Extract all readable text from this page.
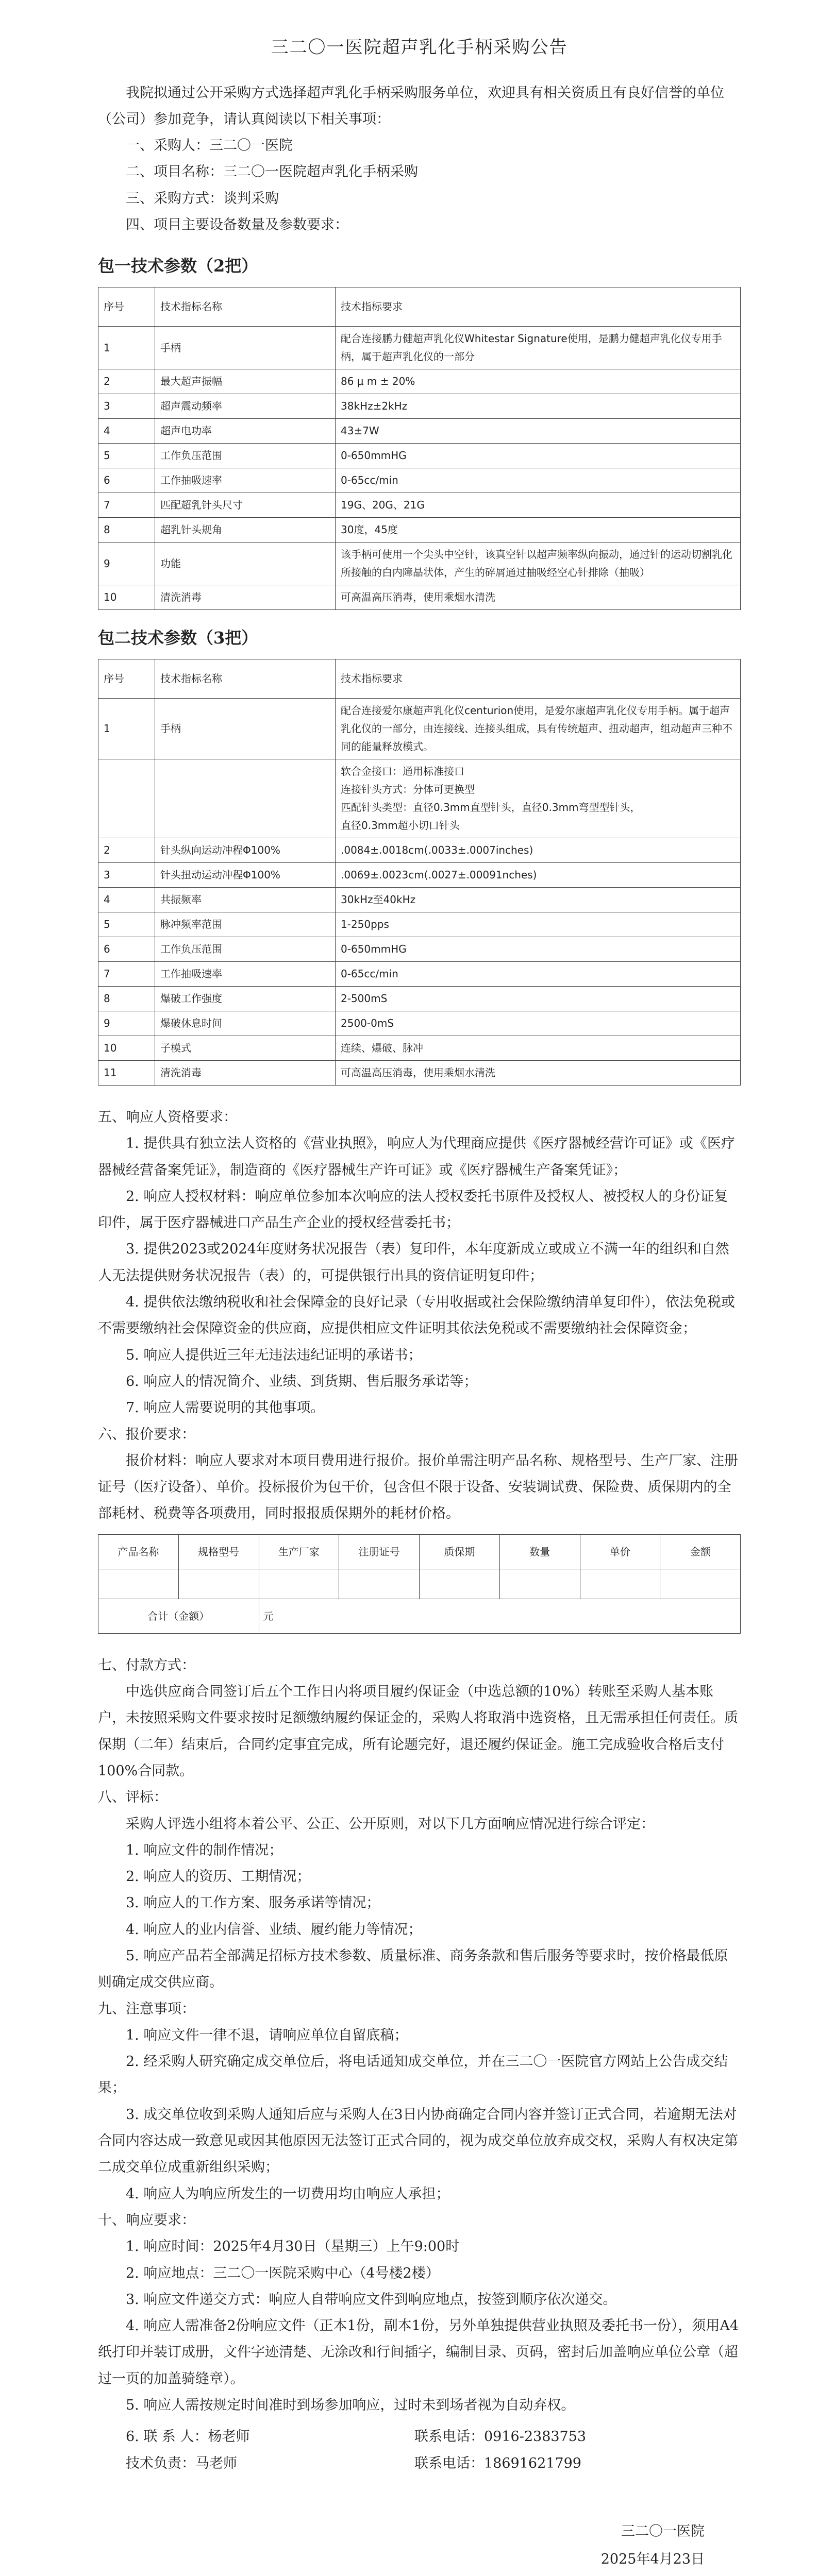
三二〇一医院超声乳化手柄采购公告

我院拟通过公开采购方式选择超声乳化手柄采购服务单位，欢迎具有相关资质且有良好信誉的单位（公司）参加竞争，请认真阅读以下相关事项：

一、采购人：三二〇一医院

二、项目名称：三二〇一医院超声乳化手柄采购

三、采购方式：谈判采购

四、项目主要设备数量及参数要求：

包一技术参数（2把）

序号	技术指标名称	技术指标要求
1	手柄	配合连接鹏力健超声乳化仪Whitestar Signature使用，是鹏力健超声乳化仪专用手柄，属于超声乳化仪的一部分
2	最大超声振幅	86 μ m ± 20%
3	超声震动频率	38kHz±2kHz
4	超声电功率	43±7W
5	工作负压范围	0-650mmHG
6	工作抽吸速率	0-65cc/min
7	匹配超乳针头尺寸	19G、20G、21G
8	超乳针头规角	30度，45度
9	功能	该手柄可使用一个尖头中空针，该真空针以超声频率纵向振动，通过针的运动切割乳化所接触的白内障晶状体，产生的碎屑通过抽吸经空心针排除（抽吸）
10	清洗消毒	可高温高压消毒，使用乘烟水清洗

包二技术参数（3把）

序号	技术指标名称	技术指标要求
1	手柄	配合连接爱尔康超声乳化仪centurion使用，是爱尔康超声乳化仪专用手柄。属于超声乳化仪的一部分，由连接线、连接头组成，具有传统超声、扭动超声，组动超声三种不同的能量释放模式。

		软合金接口：通用标准接口
连接针头方式：分体可更换型
匹配针头类型：直径0.3mm直型针头，直径0.3mm弯型型针头，
直径0.3mm超小切口针头

2	针头纵向运动冲程Φ100%	.0084±.0018cm(.0033±.0007inches)
3	针头扭动运动冲程Φ100%	.0069±.0023cm(.0027±.00091nches)
4	共振频率	30kHz至40kHz
5	脉冲频率范围	1-250pps
6	工作负压范围	0-650mmHG
7	工作抽吸速率	0-65cc/min
8	爆破工作强度	2-500mS
9	爆破休息时间	2500-0mS
10	子模式	连续、爆破、脉冲
11	清洗消毒	可高温高压消毒，使用乘烟水清洗

五、响应人资格要求：

1. 提供具有独立法人资格的《营业执照》，响应人为代理商应提供《医疗器械经营许可证》或《医疗器械经营备案凭证》，制造商的《医疗器械生产许可证》或《医疗器械生产备案凭证》；

2. 响应人授权材料：响应单位参加本次响应的法人授权委托书原件及授权人、被授权人的身份证复印件，属于医疗器械进口产品生产企业的授权经营委托书；

3. 提供2023或2024年度财务状况报告（表）复印件，本年度新成立或成立不满一年的组织和自然人无法提供财务状况报告（表）的，可提供银行出具的资信证明复印件；

4. 提供依法缴纳税收和社会保障金的良好记录（专用收据或社会保险缴纳清单复印件），依法免税或不需要缴纳社会保障资金的供应商，应提供相应文件证明其依法免税或不需要缴纳社会保障资金；

5. 响应人提供近三年无违法违纪证明的承诺书；

6. 响应人的情况简介、业绩、到货期、售后服务承诺等；

7. 响应人需要说明的其他事项。

六、报价要求：

报价材料：响应人要求对本项目费用进行报价。报价单需注明产品名称、规格型号、生产厂家、注册证号（医疗设备）、单价。投标报价为包干价，包含但不限于设备、安装调试费、保险费、质保期内的全部耗材、税费等各项费用，同时报报质保期外的耗材价格。

产品名称	规格型号	生产厂家	注册证号	质保期	数量	单价	金额

合计（金额）		元					

七、付款方式：

中选供应商合同签订后五个工作日内将项目履约保证金（中选总额的10%）转账至采购人基本账户，未按照采购文件要求按时足额缴纳履约保证金的，采购人将取消中选资格，且无需承担任何责任。质保期（二年）结束后，合同约定事宜完成，所有论题完好，退还履约保证金。施工完成验收合格后支付100%合同款。

八、评标：

采购人评选小组将本着公平、公正、公开原则，对以下几方面响应情况进行综合评定：

1. 响应文件的制作情况；

2. 响应人的资历、工期情况；

3. 响应人的工作方案、服务承诺等情况；

4. 响应人的业内信誉、业绩、履约能力等情况；

5. 响应产品若全部满足招标方技术参数、质量标准、商务条款和售后服务等要求时，按价格最低原则确定成交供应商。

九、注意事项：

1. 响应文件一律不退，请响应单位自留底稿；

2. 经采购人研究确定成交单位后，将电话通知成交单位，并在三二〇一医院官方网站上公告成交结果；

3. 成交单位收到采购人通知后应与采购人在3日内协商确定合同内容并签订正式合同，若逾期无法对合同内容达成一致意见或因其他原因无法签订正式合同的，视为成交单位放弃成交权，采购人有权决定第二成交单位成重新组织采购；

4. 响应人为响应所发生的一切费用均由响应人承担；

十、响应要求：

1. 响应时间：2025年4月30日（星期三）上午9:00时

2. 响应地点：三二〇一医院采购中心（4号楼2楼）

3. 响应文件递交方式：响应人自带响应文件到响应地点，按签到顺序依次递交。

4. 响应人需准备2份响应文件（正本1份，副本1份，另外单独提供营业执照及委托书一份），须用A4纸打印并装订成册，文件字迹清楚、无涂改和行间插字，编制目录、页码，密封后加盖响应单位公章（超过一页的加盖骑缝章）。

5. 响应人需按规定时间准时到场参加响应，过时未到场者视为自动弃权。

6. 联 系 人：杨老师	联系电话：0916-2383753
技术负责：马老师	联系电话：18691621799
三二〇一医院
2025年4月23日
